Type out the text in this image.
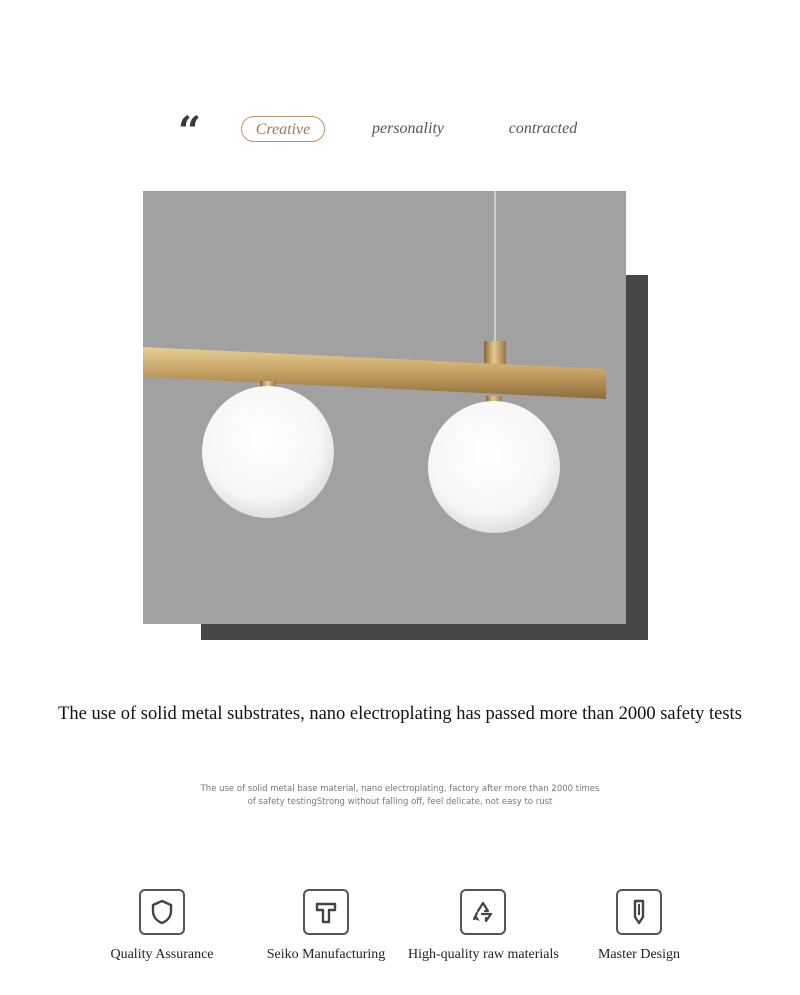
“	Creative	personality	contracted
The use of solid metal substrates, nano electroplating has passed more than 2000 safety tests
The use of solid metal base material, nano electroplating, factory after more than 2000 times
of safety testingStrong without falling off, feel delicate, not easy to rust
Quality Assurance	Seiko Manufacturing	High-quality raw materials	Master Design
